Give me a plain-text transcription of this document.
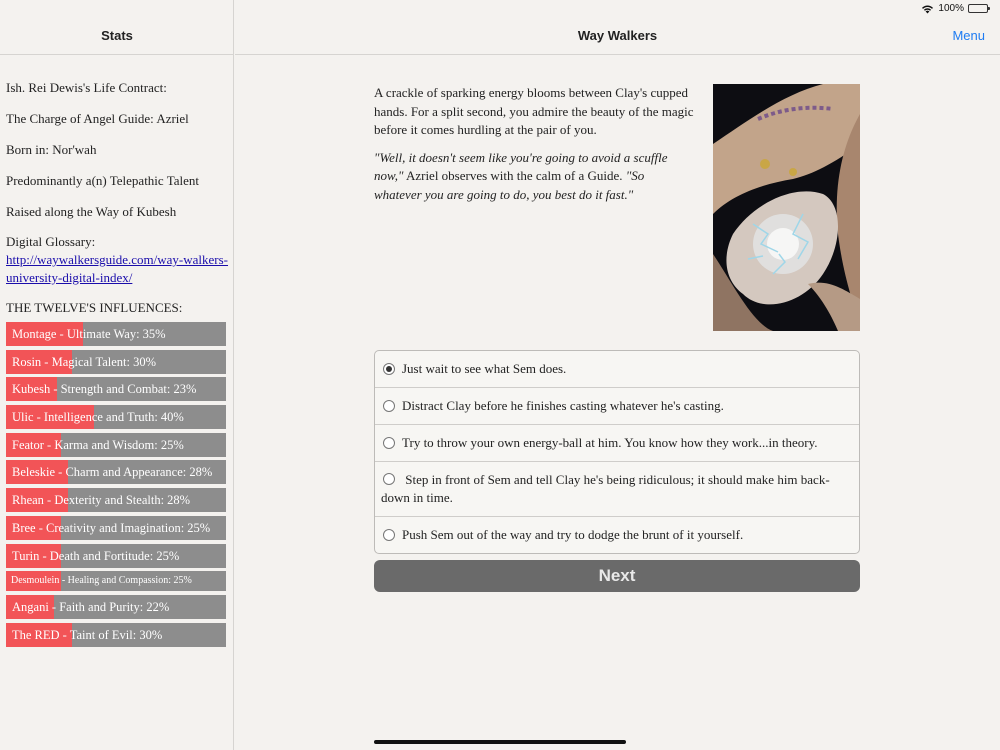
100%
Stats
Ish. Rei Dewis's Life Contract:
The Charge of Angel Guide: Azriel
Born in: Nor'wah
Predominantly a(n) Telepathic Talent
Raised along the Way of Kubesh
Digital Glossary:
http://waywalkersguide.com/way-walkers-university-digital-index/
THE TWELVE'S INFLUENCES:
Montage - Ultimate Way: 35%
Rosin - Magical Talent: 30%
Kubesh - Strength and Combat: 23%
Ulic - Intelligence and Truth: 40%
Feator - Karma and Wisdom: 25%
Beleskie - Charm and Appearance: 28%
Rhean - Dexterity and Stealth: 28%
Bree - Creativity and Imagination: 25%
Turin - Death and Fortitude: 25%
Desmoulein - Healing and Compassion: 25%
Angani - Faith and Purity: 22%
The RED - Taint of Evil: 30%
Way Walkers	Menu

A crackle of sparking energy blooms between Clay's cupped hands. For a split second, you admire the beauty of the magic before it comes hurdling at the pair of you.

"Well, it doesn't seem like you're going to avoid a scuffle now," Azriel observes with the calm of a Guide. "So whatever you are going to do, you best do it fast."

Just wait to see what Sem does.
Distract Clay before he finishes casting whatever he's casting.
Try to throw your own energy-ball at him. You know how they work...in theory.
Step in front of Sem and tell Clay he's being ridiculous; it should make him back-down in time.
Push Sem out of the way and try to dodge the brunt of it yourself.
Next
